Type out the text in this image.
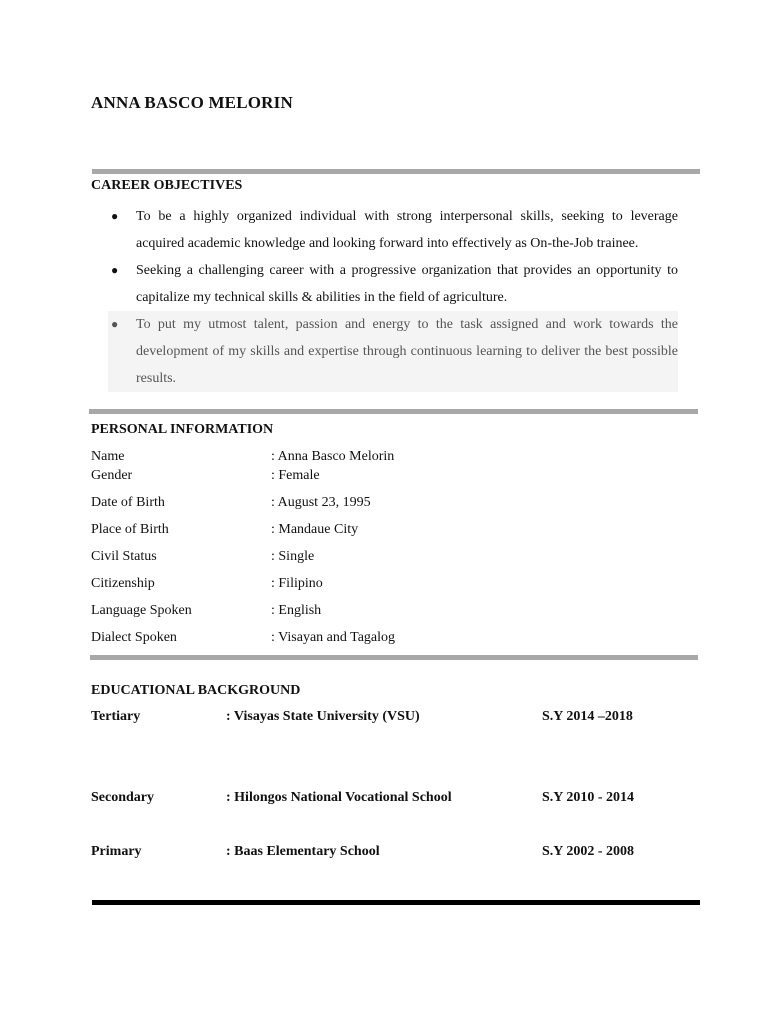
ANNA BASCO MELORIN
CAREER OBJECTIVES
● To be a highly organized individual with strong interpersonal skills, seeking to leverage acquired academic knowledge and looking forward into effectively as On-the-Job trainee.
● Seeking a challenging career with a progressive organization that provides an opportunity to capitalize my technical skills & abilities in the field of agriculture.
● To put my utmost talent, passion and energy to the task assigned and work towards the development of my skills and expertise through continuous learning to deliver the best possible results.
PERSONAL INFORMATION
Name	: Anna Basco Melorin
Gender	: Female
Date of Birth	: August 23, 1995
Place of Birth	: Mandaue City
Civil Status	: Single
Citizenship	: Filipino
Language Spoken	: English
Dialect Spoken	: Visayan and Tagalog
EDUCATIONAL BACKGROUND
Tertiary	: Visayas State University (VSU)	S.Y 2014 –2018
Secondary	: Hilongos National Vocational School	S.Y 2010 - 2014
Primary	: Baas Elementary School	S.Y 2002 - 2008
